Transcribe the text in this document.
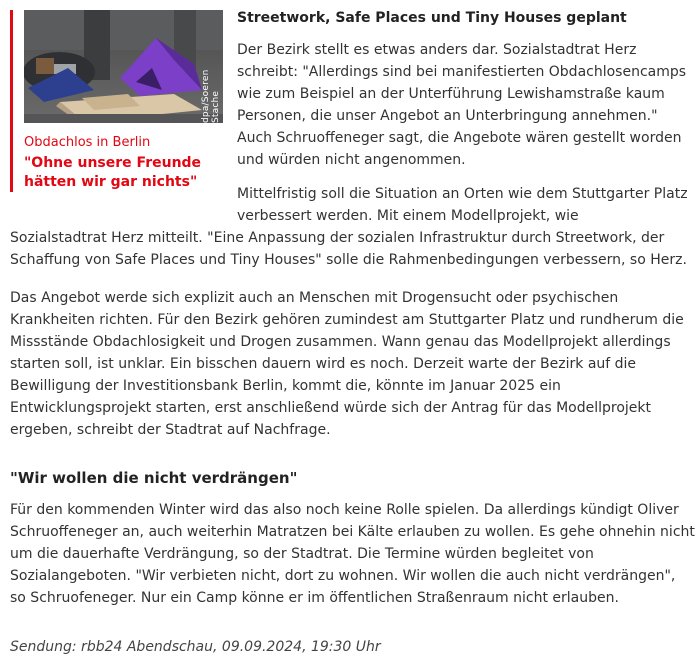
dpa/Soeren Stache
Obdachlos in Berlin
"Ohne unsere Freunde hätten wir gar nichts"
Streetwork, Safe Places und Tiny Houses geplant

Der Bezirk stellt es etwas anders dar. Sozialstadtrat Herz schreibt: "Allerdings sind bei manifestierten Obdachlosencamps wie zum Beispiel an der Unterführung Lewishamstraße kaum Personen, die unser Angebot an Unterbringung annehmen." Auch Schruoffeneger sagt, die Angebote wären gestellt worden und würden nicht angenommen.

Mittelfristig soll die Situation an Orten wie dem Stuttgarter Platz verbessert werden. Mit einem Modellprojekt, wie

Sozialstadtrat Herz mitteilt. "Eine Anpassung der sozialen Infrastruktur durch Streetwork, der Schaffung von Safe Places und Tiny Houses" solle die Rahmenbedingungen verbessern, so Herz.

Das Angebot werde sich explizit auch an Menschen mit Drogensucht oder psychischen Krankheiten richten. Für den Bezirk gehören zumindest am Stuttgarter Platz und rundherum die Missstände Obdachlosigkeit und Drogen zusammen. Wann genau das Modellprojekt allerdings starten soll, ist unklar. Ein bisschen dauern wird es noch. Derzeit warte der Bezirk auf die Bewilligung der Investitionsbank Berlin, kommt die, könnte im Januar 2025 ein Entwicklungsprojekt starten, erst anschließend würde sich der Antrag für das Modellprojekt ergeben, schreibt der Stadtrat auf Nachfrage.

"Wir wollen die nicht verdrängen"

Für den kommenden Winter wird das also noch keine Rolle spielen. Da allerdings kündigt Oliver Schruoffeneger an, auch weiterhin Matratzen bei Kälte erlauben zu wollen. Es gehe ohnehin nicht um die dauerhafte Verdrängung, so der Stadtrat. Die Termine würden begleitet von Sozialangeboten. "Wir verbieten nicht, dort zu wohnen. Wir wollen die auch nicht verdrängen", so Schruofeneger. Nur ein Camp könne er im öffentlichen Straßenraum nicht erlauben.

Sendung: rbb24 Abendschau, 09.09.2024, 19:30 Uhr
